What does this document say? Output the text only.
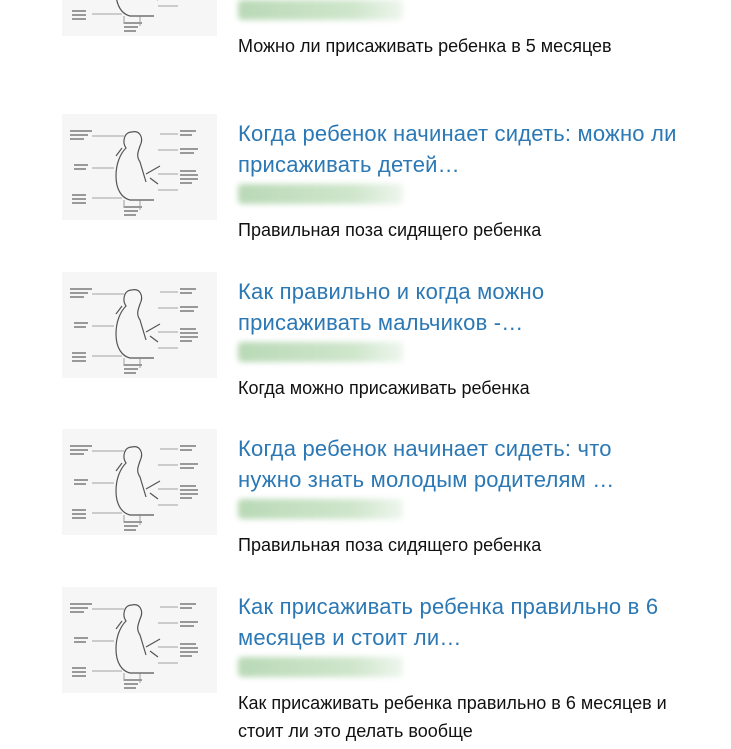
Можно ли присаживать ребенка в 5 месяцев
Когда ребенок начинает сидеть: можно ли присаживать детей…
Правильная поза сидящего ребенка
Как правильно и когда можно присаживать мальчиков -…
Когда можно присаживать ребенка
Когда ребенок начинает сидеть: что нужно знать молодым родителям …
Правильная поза сидящего ребенка
Как присаживать ребенка правильно в 6 месяцев и стоит ли…
Как присаживать ребенка правильно в 6 месяцев и стоит ли это делать вообще
